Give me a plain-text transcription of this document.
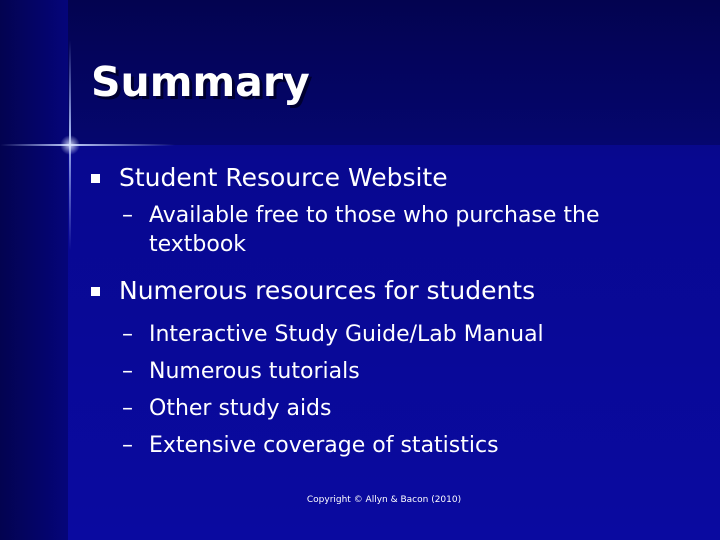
Summary

Student Resource Website

– Available free to those who purchase the textbook

Numerous resources for students

– Interactive Study Guide/Lab Manual

– Numerous tutorials

– Other study aids

– Extensive coverage of statistics

Copyright © Allyn & Bacon (2010)
